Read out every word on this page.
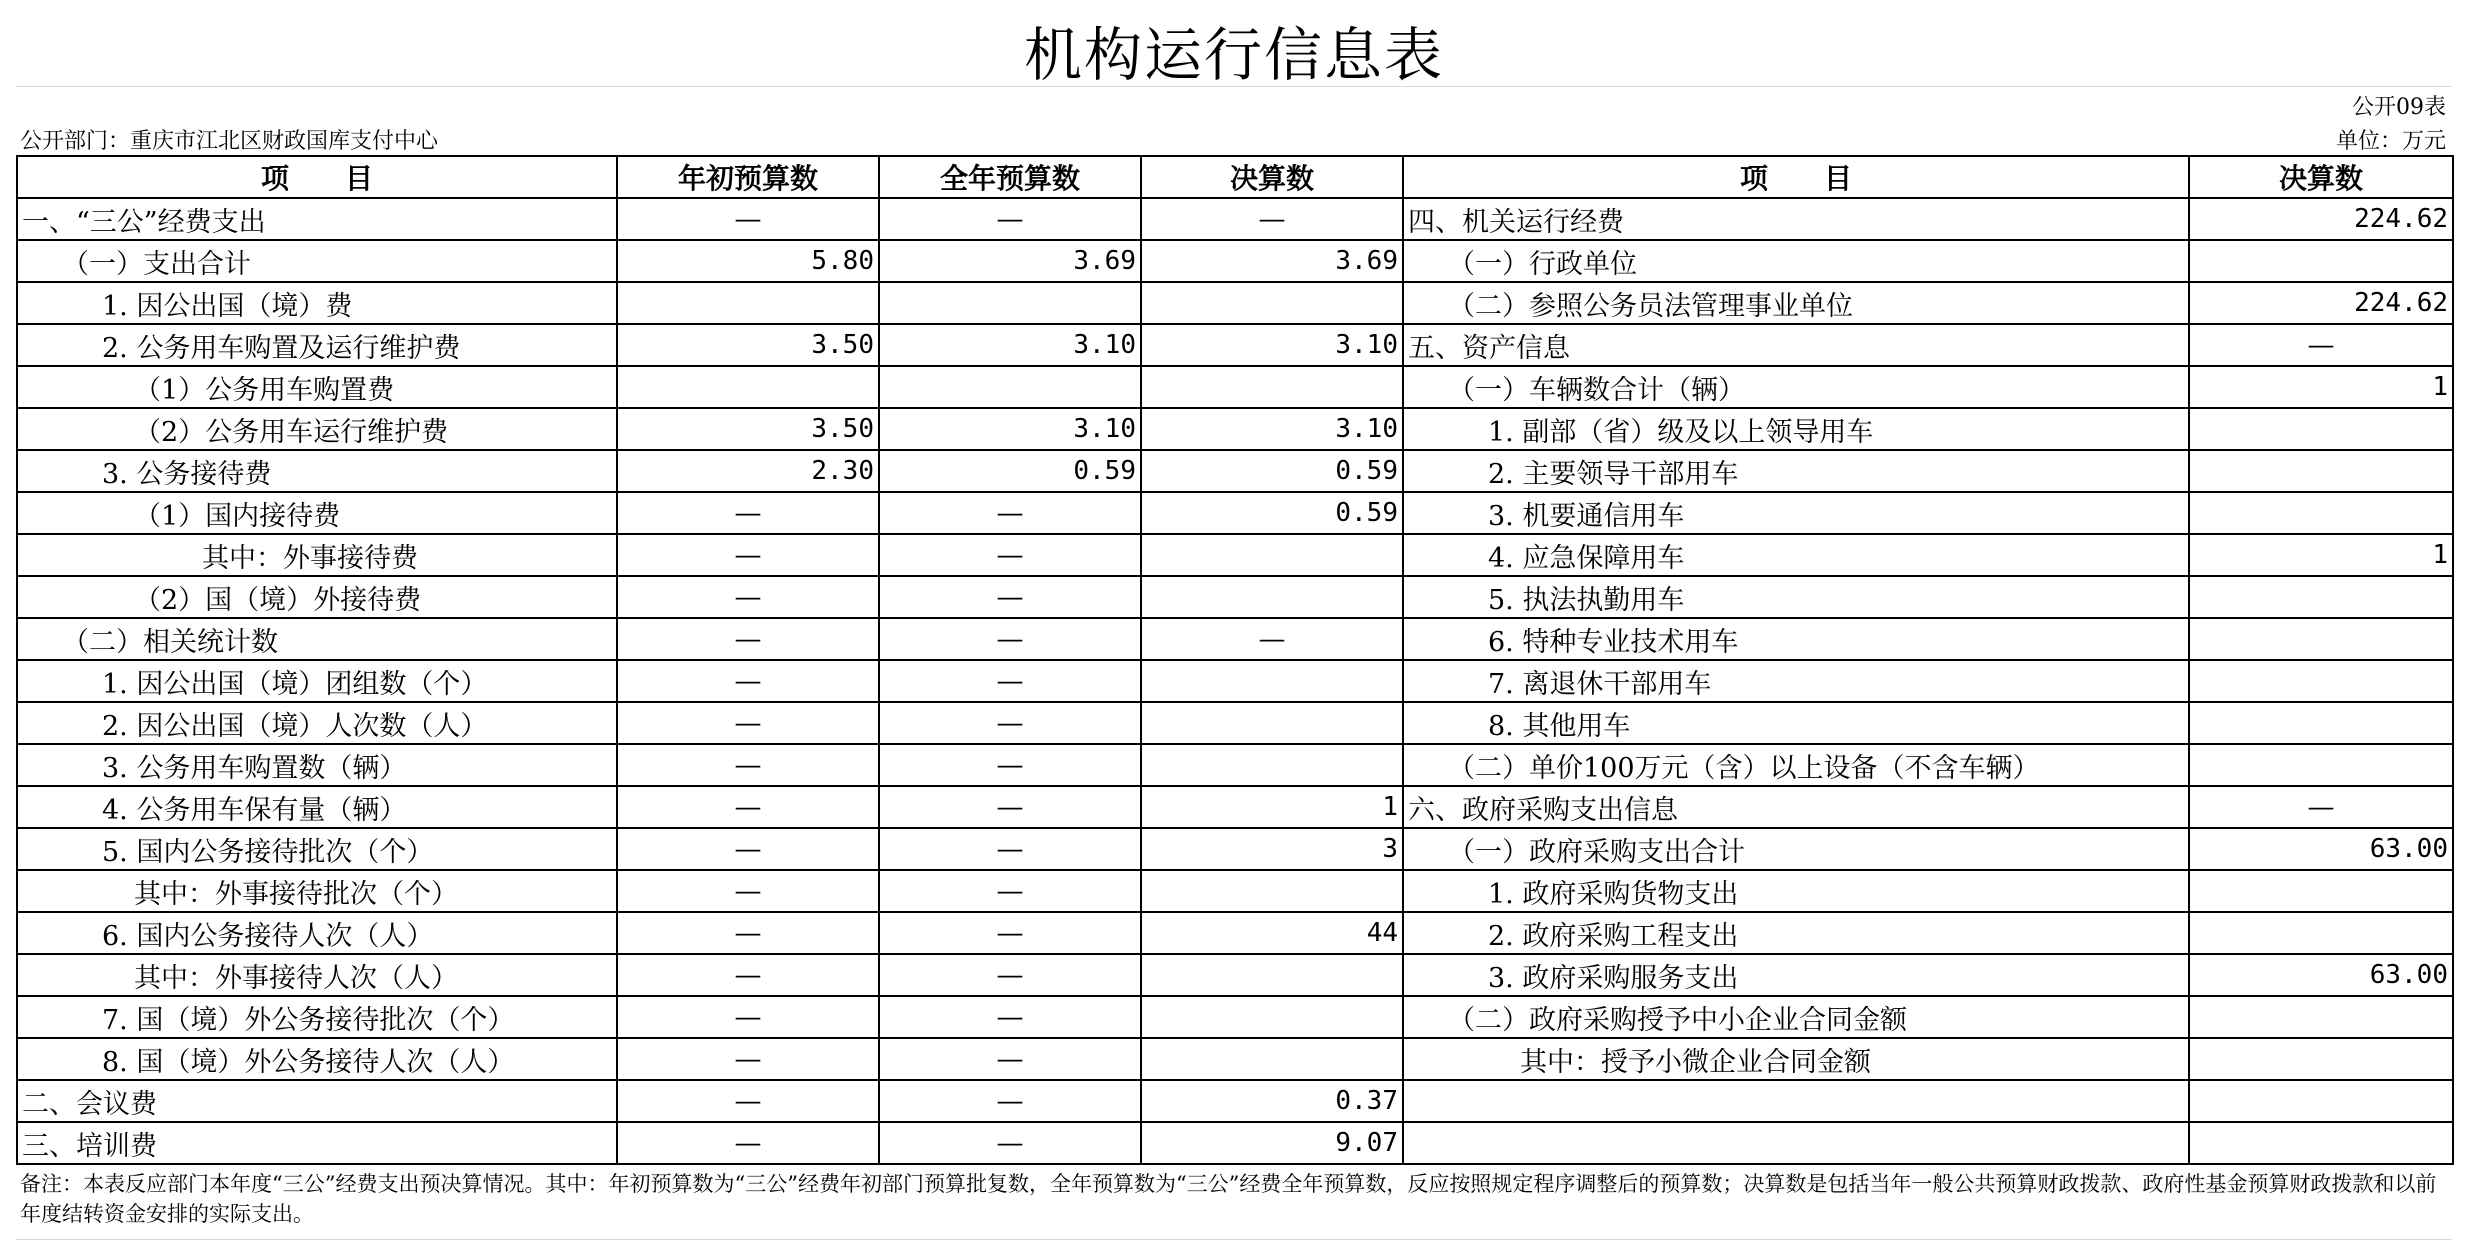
机构运行信息表
公开09表
公开部门：重庆市江北区财政国库支付中心	单位：万元
项　　目	年初预算数	全年预算数	决算数	项　　目	决算数
一、“三公”经费支出	—	—	—	四、机关运行经费	224.62
（一）支出合计	5.80	3.69	3.69	（一）行政单位	
1. 因公出国（境）费				（二）参照公务员法管理事业单位	224.62
2. 公务用车购置及运行维护费	3.50	3.10	3.10	五、资产信息	—
（1）公务用车购置费				（一）车辆数合计（辆）	1
（2）公务用车运行维护费	3.50	3.10	3.10	1. 副部（省）级及以上领导用车	
3. 公务接待费	2.30	0.59	0.59	2. 主要领导干部用车	
（1）国内接待费	—	—	0.59	3. 机要通信用车	
其中：外事接待费	—	—		4. 应急保障用车	1
（2）国（境）外接待费	—	—		5. 执法执勤用车	
（二）相关统计数	—	—	—	6. 特种专业技术用车	
1. 因公出国（境）团组数（个）	—	—		7. 离退休干部用车	
2. 因公出国（境）人次数（人）	—	—		8. 其他用车	
3. 公务用车购置数（辆）	—	—		（二）单价100万元（含）以上设备（不含车辆）	
4. 公务用车保有量（辆）	—	—	1	六、政府采购支出信息	—
5. 国内公务接待批次（个）	—	—	3	（一）政府采购支出合计	63.00
其中：外事接待批次（个）	—	—		1. 政府采购货物支出	
6. 国内公务接待人次（人）	—	—	44	2. 政府采购工程支出	
其中：外事接待人次（人）	—	—		3. 政府采购服务支出	63.00
7. 国（境）外公务接待批次（个）	—	—		（二）政府采购授予中小企业合同金额	
8. 国（境）外公务接待人次（人）	—	—		其中：授予小微企业合同金额	
二、会议费	—	—	0.37		
三、培训费	—	—	9.07		
备注：本表反应部门本年度“三公”经费支出预决算情况。其中：年初预算数为“三公”经费年初部门预算批复数，全年预算数为“三公”经费全年预算数，反应按照规定程序调整后的预算数；决算数是包括当年一般公共预算财政拨款、政府性基金预算财政拨款和以前年度结转资金安排的实际支出。
